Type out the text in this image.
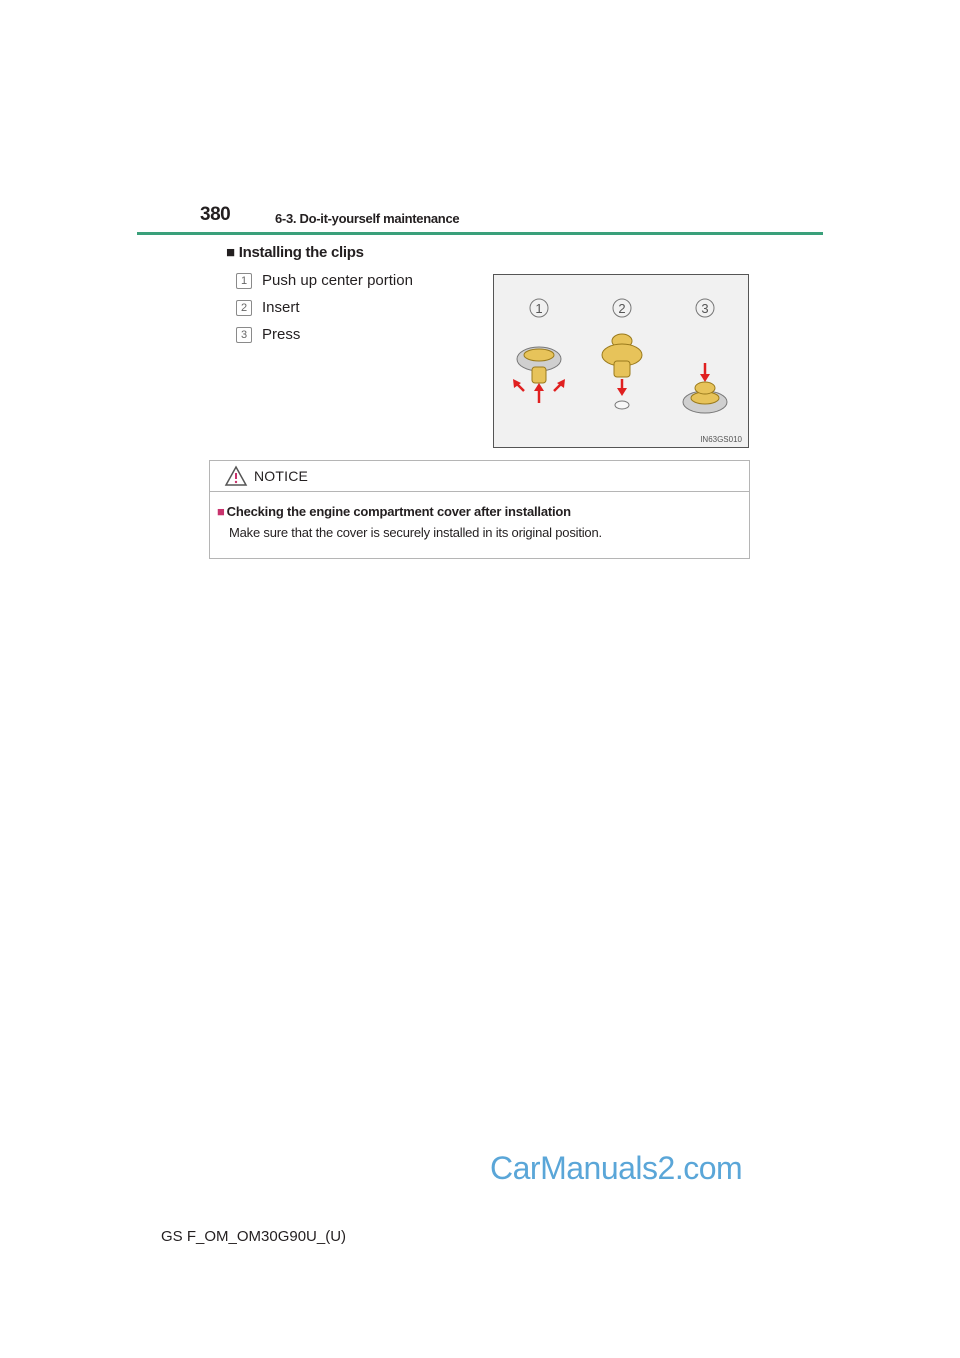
380	6-3. Do-it-yourself maintenance
■ Installing the clips
1 Push up center portion
2 Insert
3 Press
1	2	3
IN63GS010
NOTICE
■ Checking the engine compartment cover after installation
Make sure that the cover is securely installed in its original position.
CarManuals2.com
GS F_OM_OM30G90U_(U)
